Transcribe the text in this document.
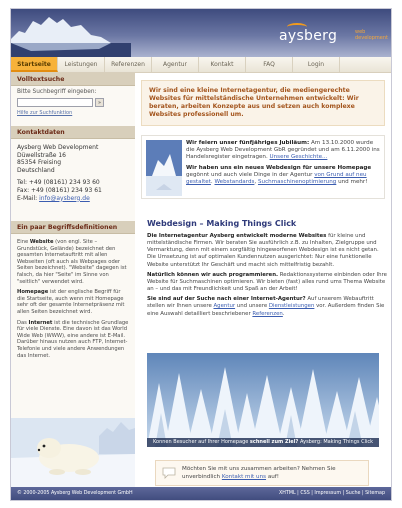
aysberg	web
development
Startseite	Leistungen	Referenzen	Agentur	Kontakt	FAQ	Login
Volltextsuche
Bitte Suchbegriff eingeben:
»
Hilfe zur Suchfunktion
Kontaktdaten
Aysberg Web Development
Düwellstraße 16
85354 Freising
Deutschland
Tel: +49 (08161) 234 93 60
Fax: +49 (08161) 234 93 61
E-Mail: info@aysberg.de
Ein paar Begriffsdefinitionen

Eine Website (von engl. Site – Grundstück, Gelände) bezeichnet den gesamten Internetauftritt mit allen Webseiten (oft auch als Webpages oder Seiten bezeichnet). "Website" dagegen ist falsch, da hier "Seite" im Sinne von "seitlich" verwendet wird.

Homepage ist der englische Begriff für die Startseite, auch wenn mit Homepage sehr oft der gesamte Internetpräsenz mit allen Seiten bezeichnet wird.

Das Internet ist die technische Grundlage für viele Dienste. Eine davon ist das World Wide Web (WWW), eine andere ist E-Mail. Darüber hinaus nutzen auch FTP, Internet-Telefonie und viele andere Anwendungen das Internet.

Wir sind eine kleine Internetagentur, die mediengerechte Websites für mittelständische Unternehmen entwickelt: Wir beraten, arbeiten Konzepte aus und setzen auch komplexe Websites professionell um.
Wir feiern unser fünfjähriges Jubiläum: Am 13.10.2000 wurde die Aysberg Web Development GbR gegründet und am 6.11.2000 ins Handelsregister eingetragen. Unsere Geschichte...
Wir haben uns ein neues Webdesign für unsere Homepage gegönnt und auch viele Dinge in der Agentur von Grund auf neu gestaltet. Webstandards, Suchmaschinenoptimierung und mehr!
Webdesign – Making Things Click

Die Internetagentur Aysberg entwickelt moderne Websites für kleine und mittelständische Firmen. Wir beraten Sie ausführlich z.B. zu Inhalten, Zielgruppe und Vermarktung, denn mit einem sorgfältig hingeworfenen Webdesign ist es nicht getan. Die Umsetzung ist auf optimalen Kundennutzen ausgerichtet: Nur eine funktionelle Website unterstützt Ihr Geschäft und macht sich mittelfristig bezahlt.

Natürlich können wir auch programmieren. Redaktionssysteme einbinden oder Ihre Website für Suchmaschinen optimieren. Wir bieten (fast) alles rund ums Thema Website an – und das mit Freundlichkeit und Spaß an der Arbeit!

Sie sind auf der Suche nach einer Internet-Agentur? Auf unserem Webauftritt stellen wir Ihnen unsere Agentur und unsere Dienstleistungen vor. Außerdem finden Sie eine Auswahl detailliert beschriebener Referenzen.

Konnen Besucher auf Ihrer Homepage schnell zum Ziel? Aysberg: Making Things Click
Möchten Sie mit uns zusammen arbeiten? Nehmen Sie unverbindlich Kontakt mit uns auf!
© 2000-2005 Aysberg Web Development GmbH	XHTML | CSS | Impressum | Suche | Sitemap
